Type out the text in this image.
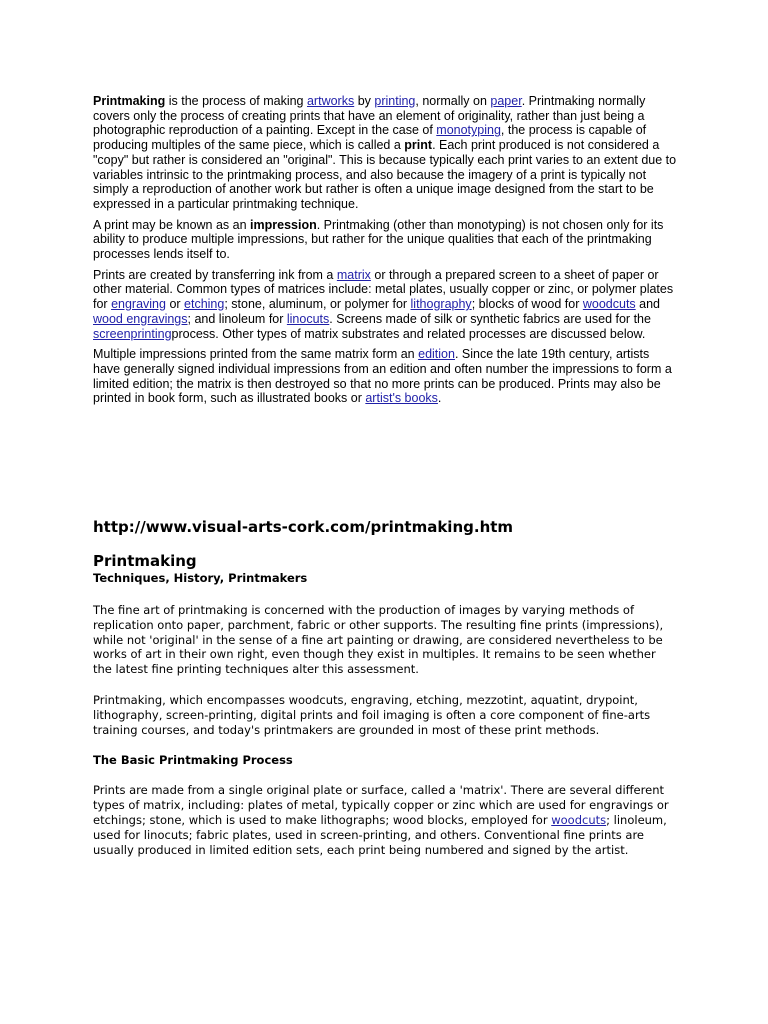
Printmaking is the process of making artworks by printing, normally on paper. Printmaking normally covers only the process of creating prints that have an element of originality, rather than just being a photographic reproduction of a painting. Except in the case of monotyping, the process is capable of producing multiples of the same piece, which is called a print. Each print produced is not considered a "copy" but rather is considered an "original". This is because typically each print varies to an extent due to variables intrinsic to the printmaking process, and also because the imagery of a print is typically not simply a reproduction of another work but rather is often a unique image designed from the start to be expressed in a particular printmaking technique.

A print may be known as an impression. Printmaking (other than monotyping) is not chosen only for its ability to produce multiple impressions, but rather for the unique qualities that each of the printmaking processes lends itself to.

Prints are created by transferring ink from a matrix or through a prepared screen to a sheet of paper or other material. Common types of matrices include: metal plates, usually copper or zinc, or polymer plates for engraving or etching; stone, aluminum, or polymer for lithography; blocks of wood for woodcuts and wood engravings; and linoleum for linocuts. Screens made of silk or synthetic fabrics are used for the screenprintingprocess. Other types of matrix substrates and related processes are discussed below.

Multiple impressions printed from the same matrix form an edition. Since the late 19th century, artists have generally signed individual impressions from an edition and often number the impressions to form a limited edition; the matrix is then destroyed so that no more prints can be produced. Prints may also be printed in book form, such as illustrated books or artist's books.

http://www.visual-arts-cork.com/printmaking.htm

Printmaking

Techniques, History, Printmakers

The fine art of printmaking is concerned with the production of images by varying methods of replication onto paper, parchment, fabric or other supports. The resulting fine prints (impressions), while not 'original' in the sense of a fine art painting or drawing, are considered nevertheless to be works of art in their own right, even though they exist in multiples. It remains to be seen whether the latest fine printing techniques alter this assessment.

Printmaking, which encompasses woodcuts, engraving, etching, mezzotint, aquatint, drypoint, lithography, screen-printing, digital prints and foil imaging is often a core component of fine-arts training courses, and today's printmakers are grounded in most of these print methods.

The Basic Printmaking Process

Prints are made from a single original plate or surface, called a 'matrix'. There are several different types of matrix, including: plates of metal, typically copper or zinc which are used for engravings or etchings; stone, which is used to make lithographs; wood blocks, employed for woodcuts; linoleum, used for linocuts; fabric plates, used in screen-printing, and others. Conventional fine prints are usually produced in limited edition sets, each print being numbered and signed by the artist.
